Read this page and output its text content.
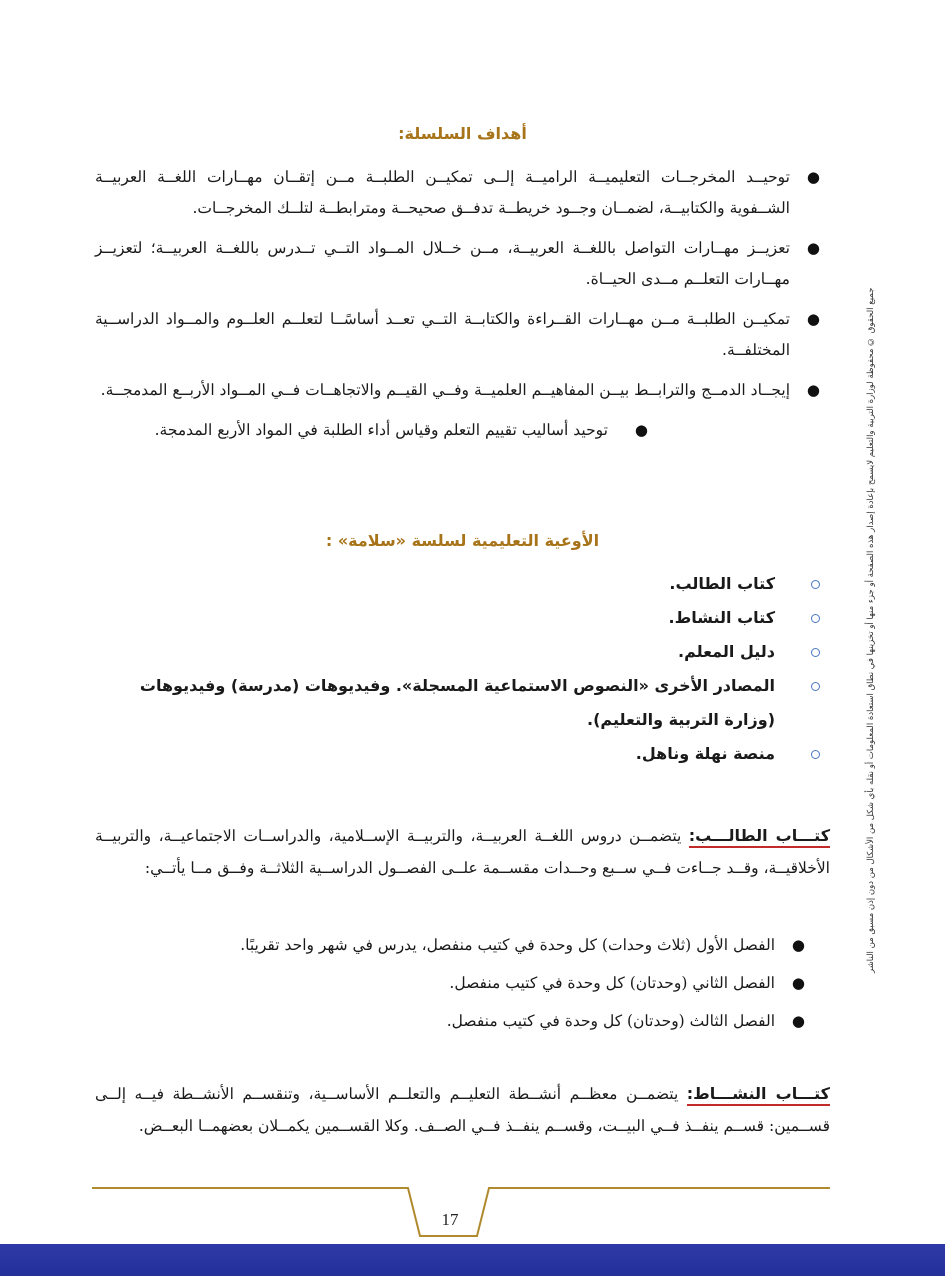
جميع الحقوق © محفوظة لوزارة التربية والتعليم لايسمح بإعادة إصدار هذه الصفحة أو جزء منها أو تخزينها في نطاق استعادة المعلومات أو نقله بأي شكل من الأشكال من دون إذن مسبق من الناشر
أهداف السلسلة:
●
توحيــد المخرجــات التعليميــة الراميــة إلــى تمكيــن الطلبــة مــن إتقــان مهــارات اللغــة العربيــة الشــفوية والكتابيــة، لضمــان وجــود خريطــة تدفــق صحيحــة ومترابطــة لتلــك المخرجــات.
●
تعزيــز مهــارات التواصل باللغــة العربيــة، مــن خــلال المــواد التــي تــدرس باللغــة العربيــة؛ لتعزيــز مهــارات التعلــم مــدى الحيــاة.
●
تمكيــن الطلبــة مــن مهــارات القــراءة والكتابــة التــي تعــد أساسًــا لتعلــم العلــوم والمــواد الدراســية المختلفــة.
●
إيجــاد الدمــج والترابــط بيــن المفاهيــم العلميــة وفــي القيــم والاتجاهــات فــي المــواد الأربــع المدمجــة.
●
توحيد أساليب تقييم التعلم وقياس أداء الطلبة في المواد الأربع المدمجة.
الأوعية التعليمية لسلسة «سلامة» :
كتاب الطالب.
كتاب النشاط.
دليل المعلم.
المصادر الأخرى «النصوص الاستماعية المسجلة». وفيديوهات (مدرسة) وفيديوهات (وزارة التربية والتعليم).
منصة نهلة وناهل.
كتـــاب الطالـــب: يتضمــن دروس اللغــة العربيــة، والتربيــة الإســلامية، والدراســات الاجتماعيــة، والتربيــة الأخلاقيــة، وقــد جــاءت فــي ســبع وحــدات مقســمة علــى الفصــول الدراســية الثلاثــة وفــق مــا يأتــي:
●
الفصل الأول (ثلاث وحدات) كل وحدة في كتيب منفصل، يدرس في شهر واحد تقريبًا.
●
الفصل الثاني (وحدتان) كل وحدة في كتيب منفصل.
●
الفصل الثالث (وحدتان) كل وحدة في كتيب منفصل.
كتـــاب النشـــاط: يتضمــن معظــم أنشــطة التعليــم والتعلــم الأساســية، وتنقســم الأنشــطة فيــه إلــى قســمين: قســم ينفــذ فــي البيــت، وقســم ينفــذ فــي الصــف. وكلا القســمين يكمــلان بعضهمــا البعــض.
17
